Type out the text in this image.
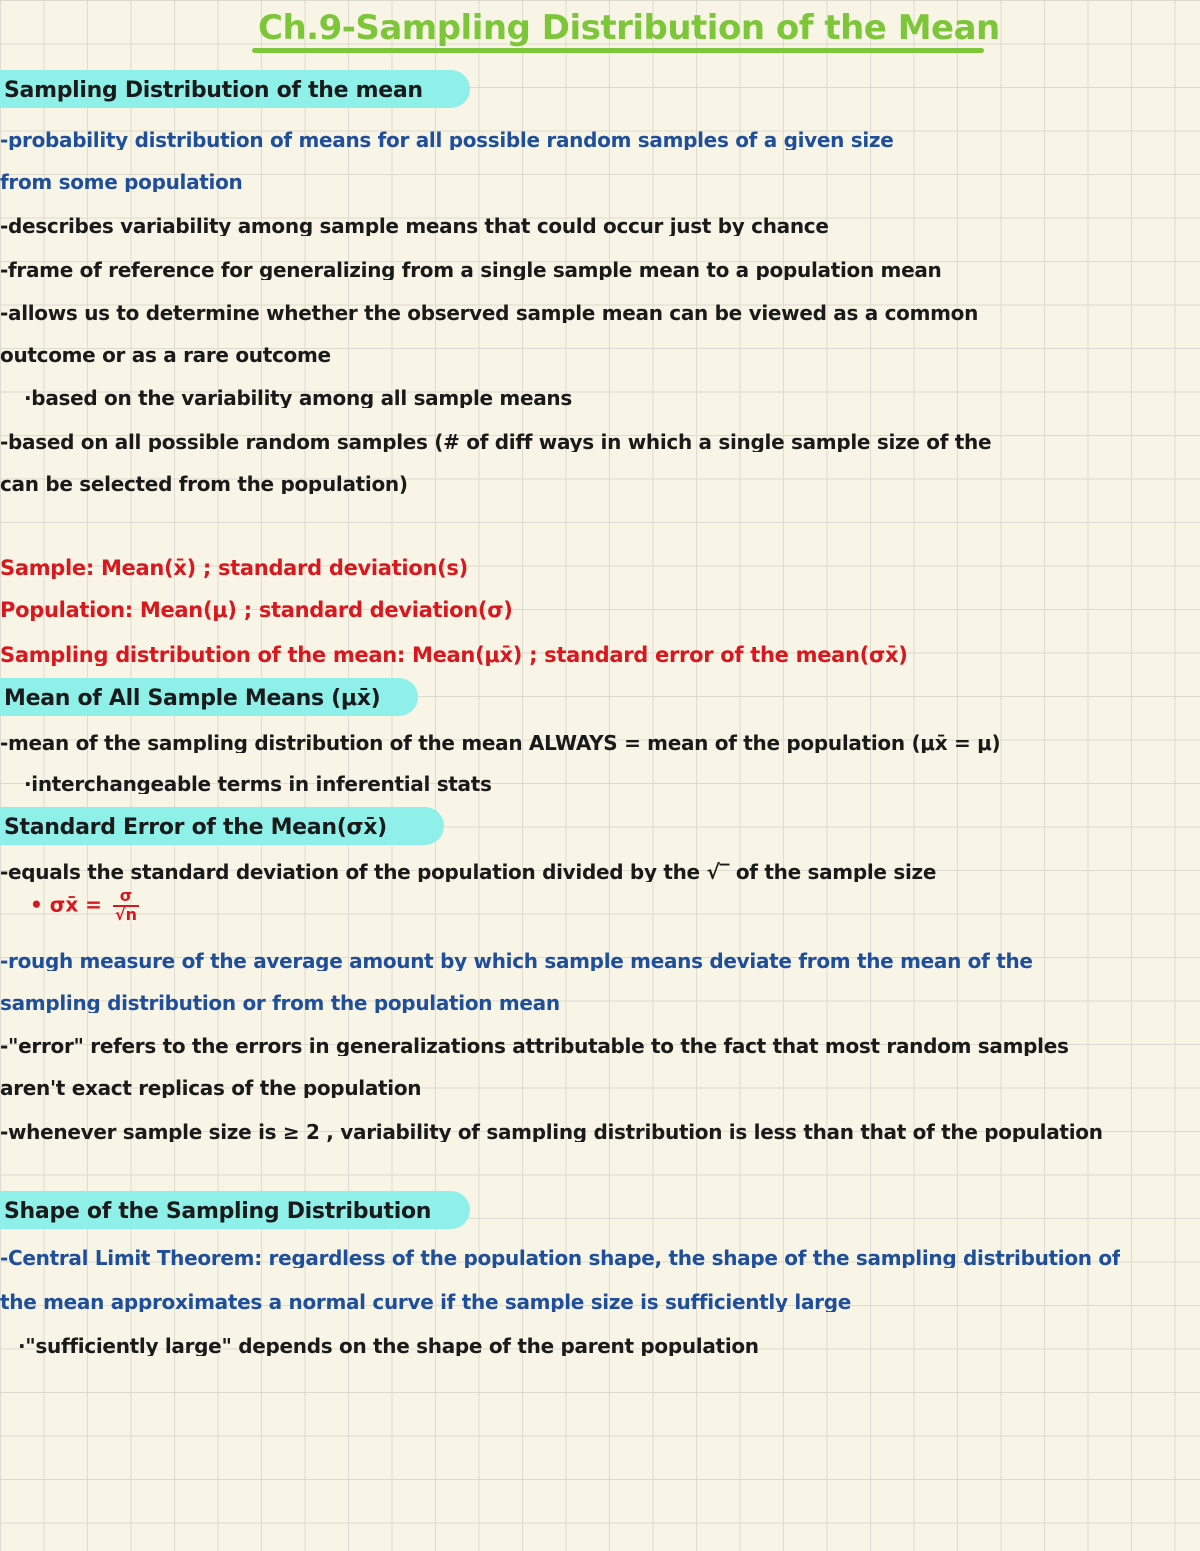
Ch.9-Sampling Distribution of the Mean
Sampling Distribution of the mean
-probability distribution of means for all possible random samples of a given size
from some population
-describes variability among sample means that could occur just by chance
-frame of reference for generalizing from a single sample mean to a population mean
-allows us to determine whether the observed sample mean can be viewed as a common
outcome or as a rare outcome
·based on the variability among all sample means
-based on all possible random samples (# of diff ways in which a single sample size of the
can be selected from the population)
Sample: Mean(x̄) ; standard deviation(s)
Population: Mean(μ) ; standard deviation(σ)
Sampling distribution of the mean: Mean(μx̄) ; standard error of the mean(σx̄)
Mean of All Sample Means (μx̄)
-mean of the sampling distribution of the mean ALWAYS = mean of the population (μx̄ = μ)
·interchangeable terms in inferential stats
Standard Error of the Mean(σx̄)
-equals the standard deviation of the population divided by the √‾ of the sample size
• σx̄ = $\frac{\sigma}{√n}$
-rough measure of the average amount by which sample means deviate from the mean of the
sampling distribution or from the population mean
-"error" refers to the errors in generalizations attributable to the fact that most random samples
aren't exact replicas of the population
-whenever sample size is ≥ 2 , variability of sampling distribution is less than that of the population
Shape of the Sampling Distribution
-Central Limit Theorem: regardless of the population shape, the shape of the sampling distribution of
the mean approximates a normal curve if the sample size is sufficiently large
·"sufficiently large" depends on the shape of the parent population
